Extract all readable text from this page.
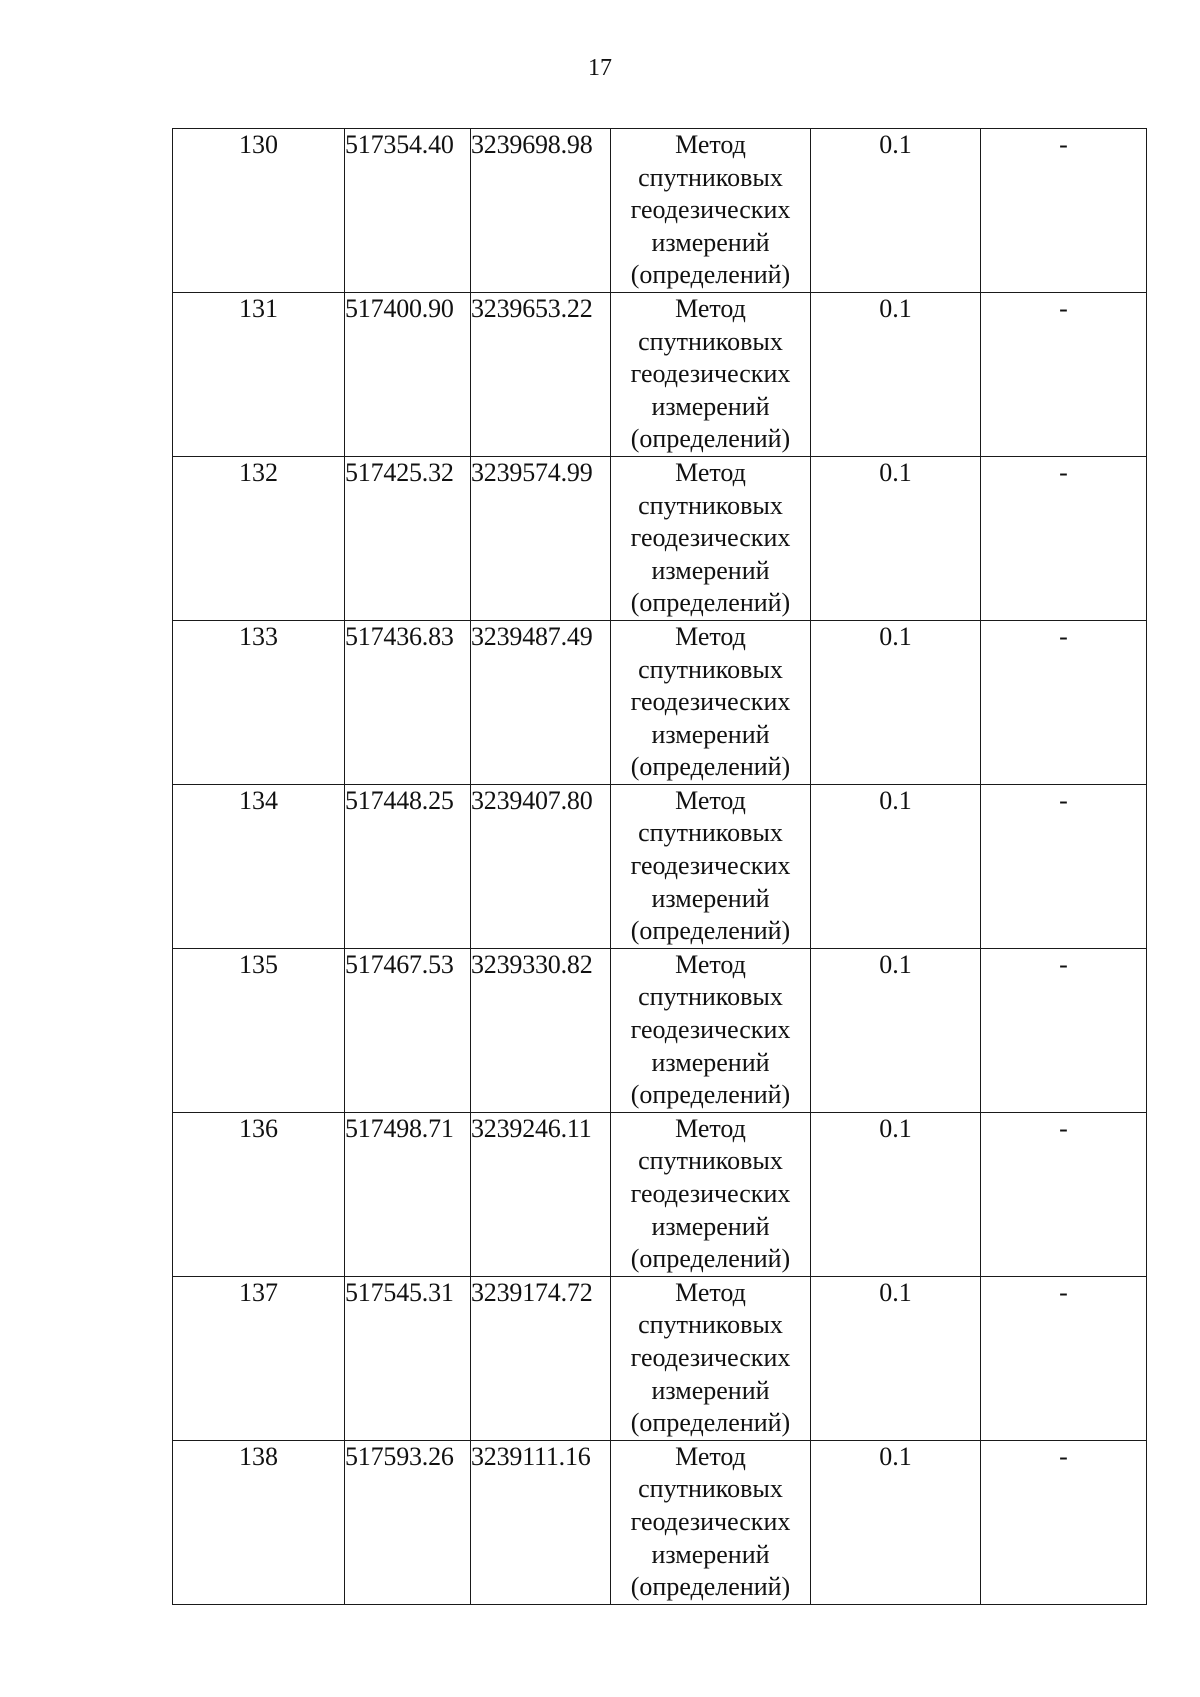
17
130	517354.40	3239698.98	Метод
спутниковых
геодезических
измерений
(определений)	0.1	-
131	517400.90	3239653.22	Метод
спутниковых
геодезических
измерений
(определений)	0.1	-
132	517425.32	3239574.99	Метод
спутниковых
геодезических
измерений
(определений)	0.1	-
133	517436.83	3239487.49	Метод
спутниковых
геодезических
измерений
(определений)	0.1	-
134	517448.25	3239407.80	Метод
спутниковых
геодезических
измерений
(определений)	0.1	-
135	517467.53	3239330.82	Метод
спутниковых
геодезических
измерений
(определений)	0.1	-
136	517498.71	3239246.11	Метод
спутниковых
геодезических
измерений
(определений)	0.1	-
137	517545.31	3239174.72	Метод
спутниковых
геодезических
измерений
(определений)	0.1	-
138	517593.26	3239111.16	Метод
спутниковых
геодезических
измерений
(определений)	0.1	-
